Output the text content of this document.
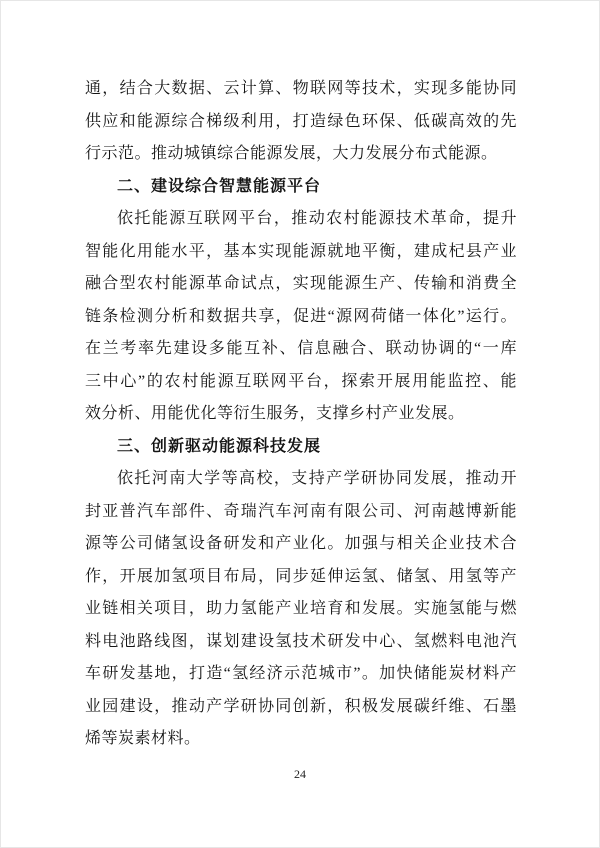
通，结合大数据、云计算、物联网等技术，实现多能协同
供应和能源综合梯级利用，打造绿色环保、低碳高效的先
行示范。推动城镇综合能源发展，大力发展分布式能源。
二、建设综合智慧能源平台
依托能源互联网平台，推动农村能源技术革命，提升
智能化用能水平，基本实现能源就地平衡，建成杞县产业
融合型农村能源革命试点，实现能源生产、传输和消费全
链条检测分析和数据共享，促进“源网荷储一体化”运行。
在兰考率先建设多能互补、信息融合、联动协调的“一库
三中心”的农村能源互联网平台，探索开展用能监控、能
效分析、用能优化等衍生服务，支撑乡村产业发展。
三、创新驱动能源科技发展
依托河南大学等高校，支持产学研协同发展，推动开
封亚普汽车部件、奇瑞汽车河南有限公司、河南越博新能
源等公司储氢设备研发和产业化。加强与相关企业技术合
作，开展加氢项目布局，同步延伸运氢、储氢、用氢等产
业链相关项目，助力氢能产业培育和发展。实施氢能与燃
料电池路线图，谋划建设氢技术研发中心、氢燃料电池汽
车研发基地，打造“氢经济示范城市”。加快储能炭材料产
业园建设，推动产学研协同创新，积极发展碳纤维、石墨
烯等炭素材料。
24
